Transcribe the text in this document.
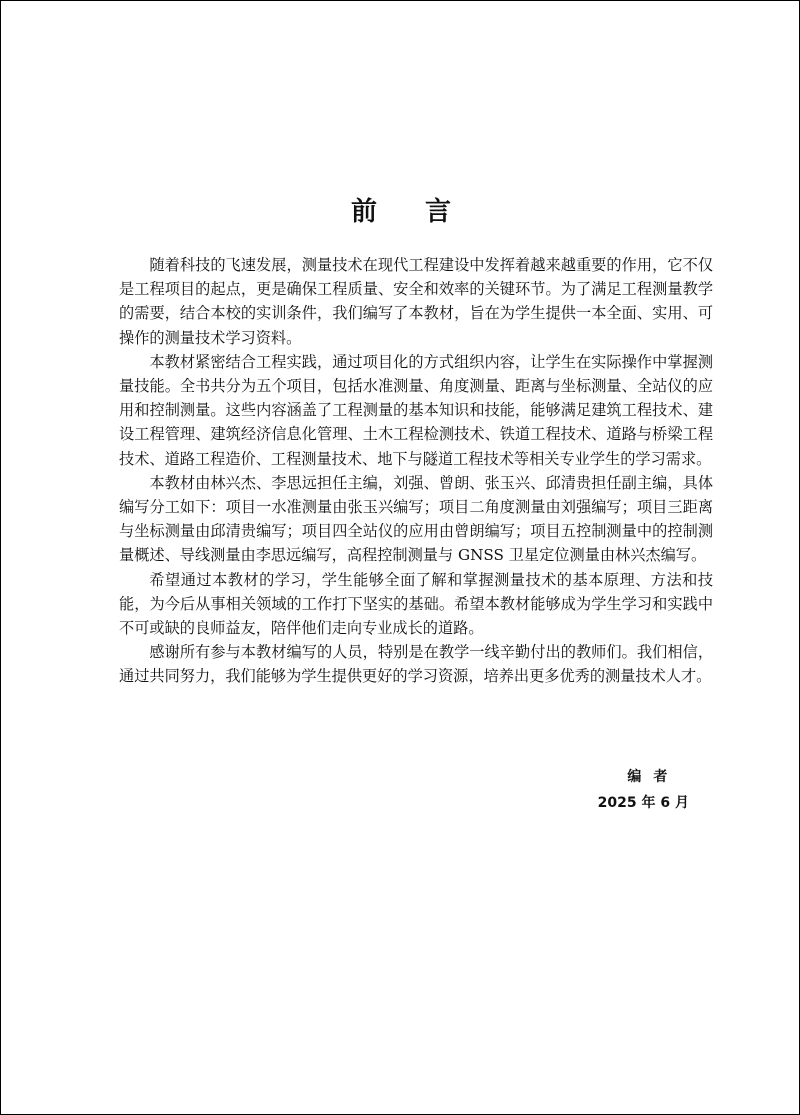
前言

随着科技的飞速发展，测量技术在现代工程建设中发挥着越来越重要的作用，它不仅是工程项目的起点，更是确保工程质量、安全和效率的关键环节。为了满足工程测量教学的需要，结合本校的实训条件，我们编写了本教材，旨在为学生提供一本全面、实用、可操作的测量技术学习资料。

本教材紧密结合工程实践，通过项目化的方式组织内容，让学生在实际操作中掌握测量技能。全书共分为五个项目，包括水准测量、角度测量、距离与坐标测量、全站仪的应用和控制测量。这些内容涵盖了工程测量的基本知识和技能，能够满足建筑工程技术、建设工程管理、建筑经济信息化管理、土木工程检测技术、铁道工程技术、道路与桥梁工程技术、道路工程造价、工程测量技术、地下与隧道工程技术等相关专业学生的学习需求。

本教材由林兴杰、李思远担任主编，刘强、曾朗、张玉兴、邱清贵担任副主编，具体编写分工如下：项目一水准测量由张玉兴编写；项目二角度测量由刘强编写；项目三距离与坐标测量由邱清贵编写；项目四全站仪的应用由曾朗编写；项目五控制测量中的控制测量概述、导线测量由李思远编写，高程控制测量与 GNSS 卫星定位测量由林兴杰编写。

希望通过本教材的学习，学生能够全面了解和掌握测量技术的基本原理、方法和技能，为今后从事相关领域的工作打下坚实的基础。希望本教材能够成为学生学习和实践中不可或缺的良师益友，陪伴他们走向专业成长的道路。

感谢所有参与本教材编写的人员，特别是在教学一线辛勤付出的教师们。我们相信，通过共同努力，我们能够为学生提供更好的学习资源，培养出更多优秀的测量技术人才。

编者
2025 年 6 月
